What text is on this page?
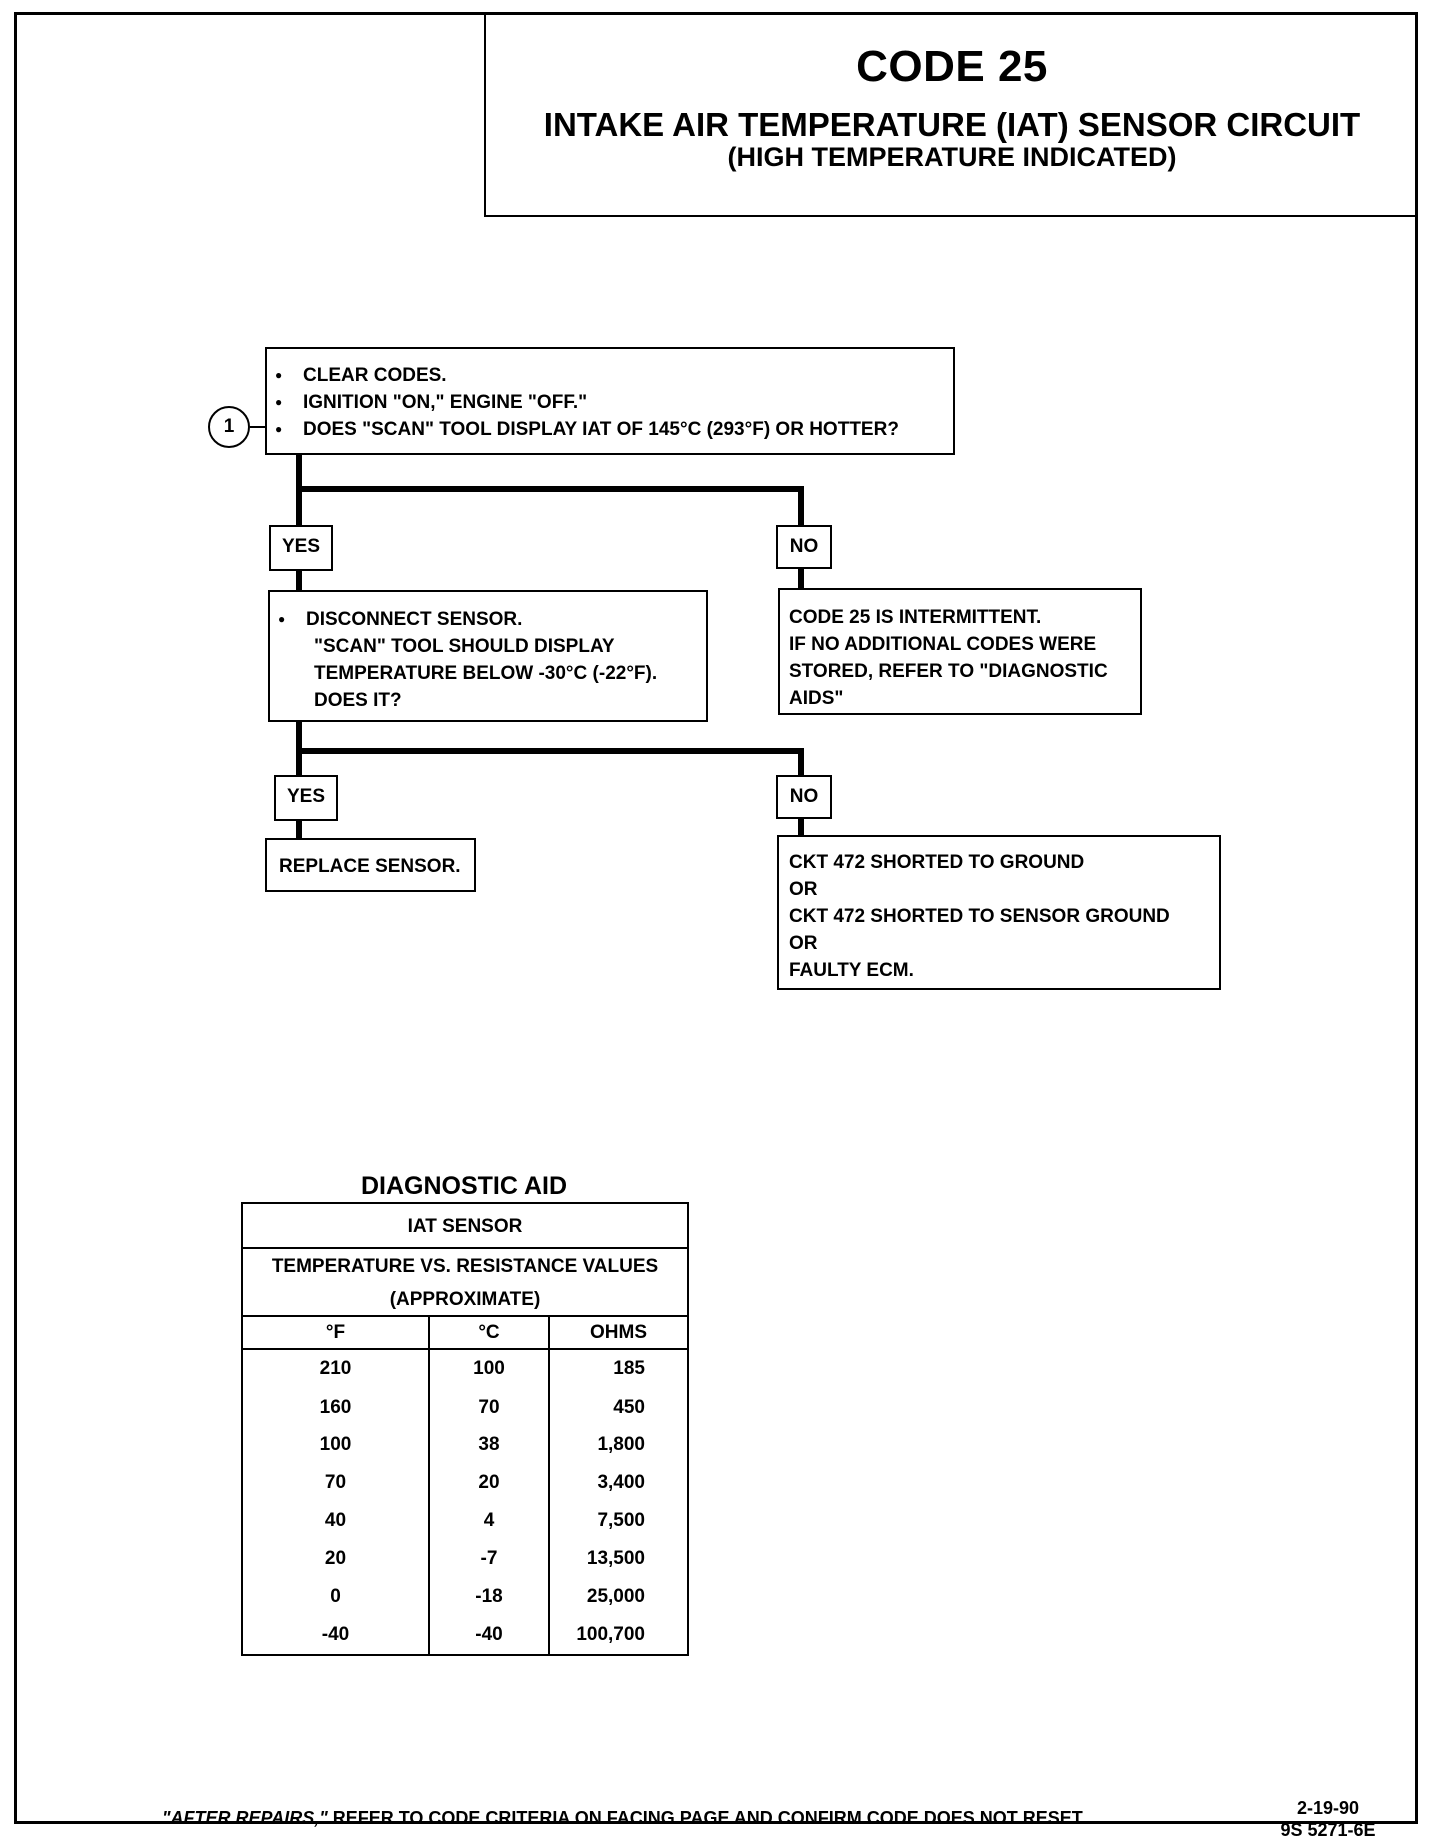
CODE 25
INTAKE AIR TEMPERATURE (IAT) SENSOR CIRCUIT
(HIGH TEMPERATURE INDICATED)
1
● CLEAR CODES.
● IGNITION "ON," ENGINE "OFF."
● DOES "SCAN" TOOL DISPLAY IAT OF 145°C (293°F) OR HOTTER?
YES	NO
● DISCONNECT SENSOR.
"SCAN" TOOL SHOULD DISPLAY
TEMPERATURE BELOW -30°C (-22°F).
DOES IT?
CODE 25 IS INTERMITTENT.
IF NO ADDITIONAL CODES WERE
STORED, REFER TO "DIAGNOSTIC
AIDS"
YES	NO
REPLACE SENSOR.	CKT 472 SHORTED TO GROUND
OR
CKT 472 SHORTED TO SENSOR GROUND
OR
FAULTY ECM.
DIAGNOSTIC AID
IAT SENSOR
TEMPERATURE VS. RESISTANCE VALUES
(APPROXIMATE)
°F	°C	OHMS
210	100	185
160	70	450
100	38	1,800
70	20	3,400
40	4	7,500
20	-7	13,500
0	-18	25,000
-40	-40	100,700
"AFTER REPAIRS," REFER TO CODE CRITERIA ON FACING PAGE AND CONFIRM CODE DOES NOT RESET.	2-19-90
9S 5271-6E
